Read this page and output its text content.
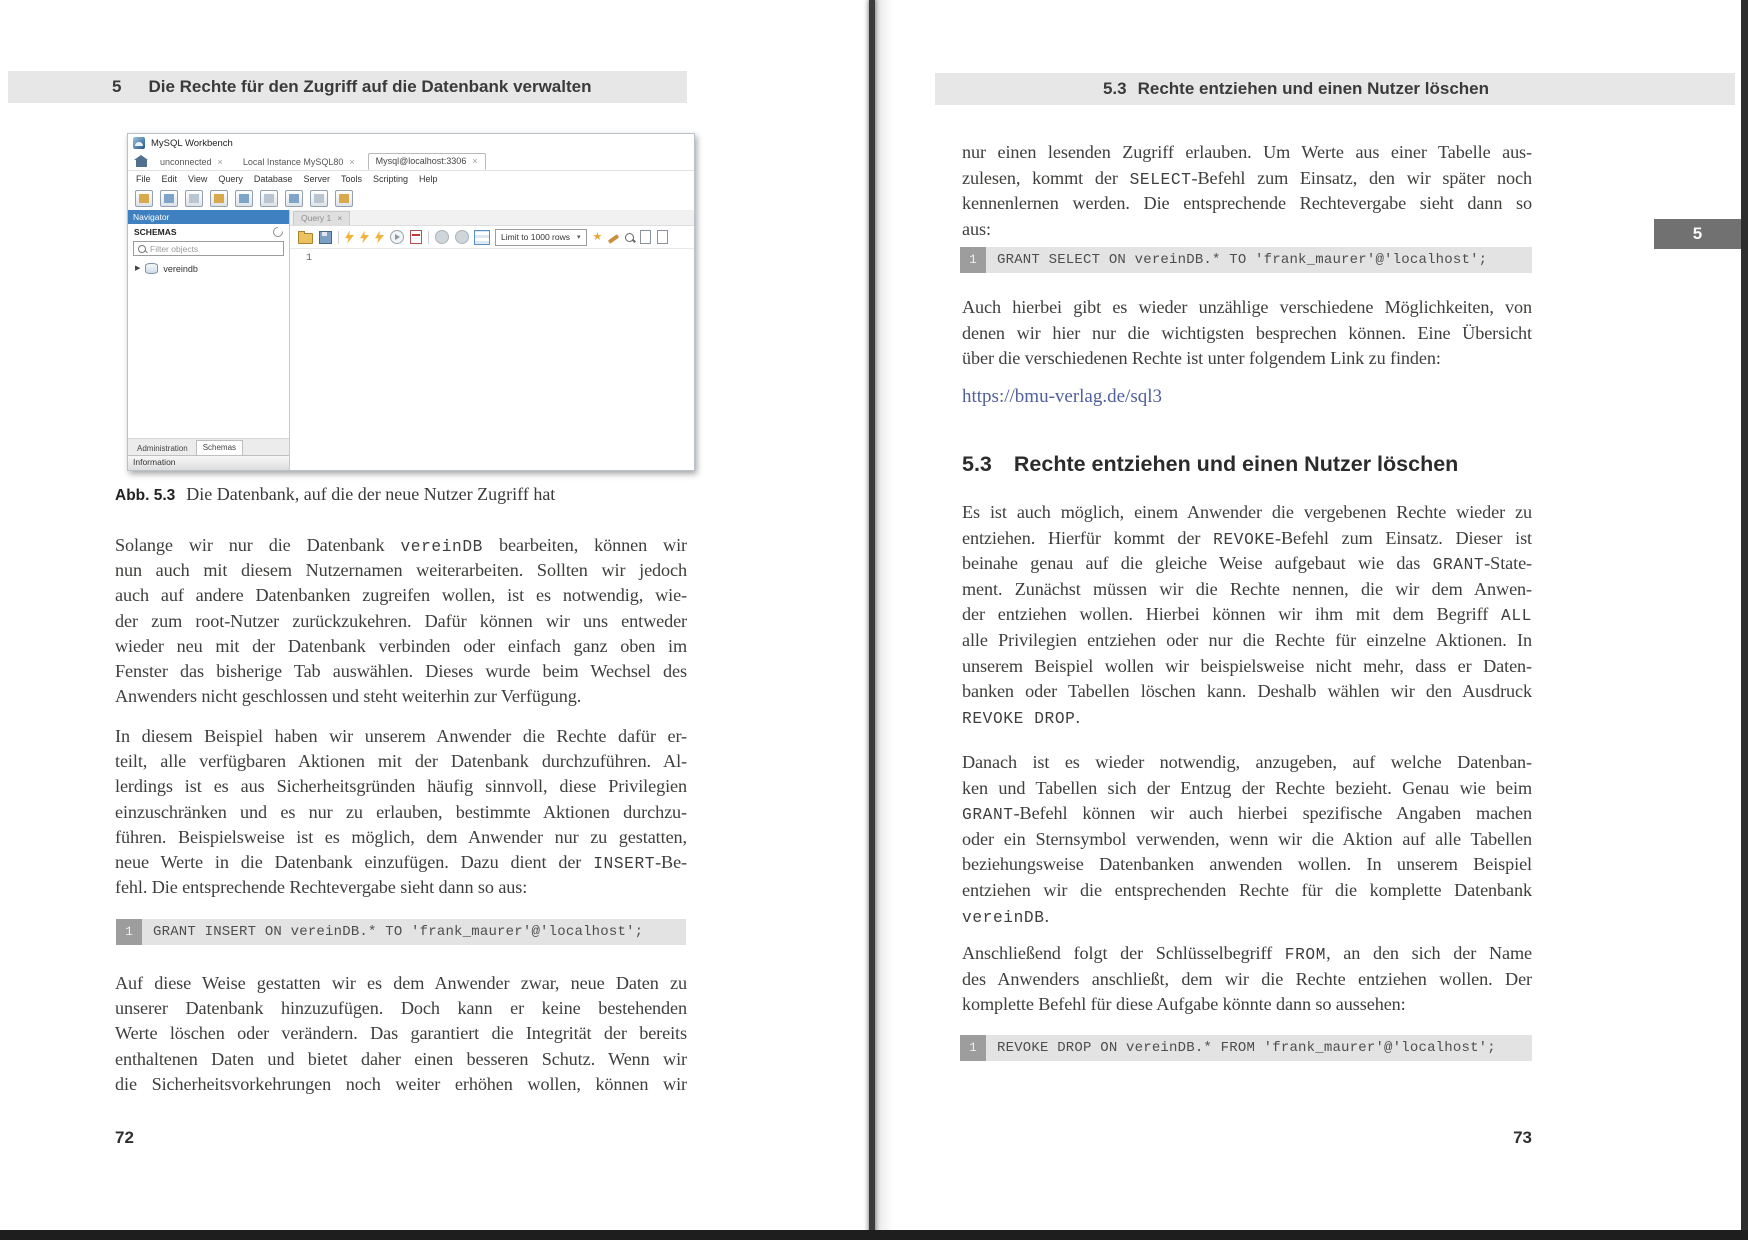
5 Die Rechte für den Zugriff auf die Datenbank verwalten
MySQL Workbench
unconnected × Local Instance MySQL80 × Mysql@localhost:3306 ×
File Edit View Query Database Server Tools Scripting Help
Navigator
SCHEMAS
Filter objects
▶	vereindb
Administration	Schemas
Information
Query 1 ×
Limit to 1000 rows ▾ ★
1
Abb. 5.3 Die Datenbank, auf die der neue Nutzer Zugriff hat
Solange wir nur die Datenbank vereinDB bearbeiten, können wir
nun auch mit diesem Nutzernamen weiterarbeiten. Sollten wir jedoch
auch auf andere Datenbanken zugreifen wollen, ist es notwendig, wie-
der zum root-Nutzer zurückzukehren. Dafür können wir uns entweder
wieder neu mit der Datenbank verbinden oder einfach ganz oben im
Fenster das bisherige Tab auswählen. Dieses wurde beim Wechsel des
Anwenders nicht geschlossen und steht weiterhin zur Verfügung.
In diesem Beispiel haben wir unserem Anwender die Rechte dafür er-
teilt, alle verfügbaren Aktionen mit der Datenbank durchzuführen. Al-
lerdings ist es aus Sicherheitsgründen häufig sinnvoll, diese Privilegien
einzuschränken und es nur zu erlauben, bestimmte Aktionen durchzu-
führen. Beispielsweise ist es möglich, dem Anwender nur zu gestatten,
neue Werte in die Datenbank einzufügen. Dazu dient der INSERT-Be-
fehl. Die entsprechende Rechtevergabe sieht dann so aus:
1	GRANT INSERT ON vereinDB.* TO 'frank_maurer'@'localhost';
Auf diese Weise gestatten wir es dem Anwender zwar, neue Daten zu
unserer Datenbank hinzuzufügen. Doch kann er keine bestehenden
Werte löschen oder verändern. Das garantiert die Integrität der bereits
enthaltenen Daten und bietet daher einen besseren Schutz. Wenn wir
die Sicherheitsvorkehrungen noch weiter erhöhen wollen, können wir
72
5.3 Rechte entziehen und einen Nutzer löschen
5
nur einen lesenden Zugriff erlauben. Um Werte aus einer Tabelle aus-
zulesen, kommt der SELECT-Befehl zum Einsatz, den wir später noch
kennenlernen werden. Die entsprechende Rechtevergabe sieht dann so
aus:
1	GRANT SELECT ON vereinDB.* TO 'frank_maurer'@'localhost';
Auch hierbei gibt es wieder unzählige verschiedene Möglichkeiten, von
denen wir hier nur die wichtigsten besprechen können. Eine Übersicht
über die verschiedenen Rechte ist unter folgendem Link zu finden:
https://bmu-verlag.de/sql3
5.3 Rechte entziehen und einen Nutzer löschen
Es ist auch möglich, einem Anwender die vergebenen Rechte wieder zu
entziehen. Hierfür kommt der REVOKE-Befehl zum Einsatz. Dieser ist
beinahe genau auf die gleiche Weise aufgebaut wie das GRANT-State-
ment. Zunächst müssen wir die Rechte nennen, die wir dem Anwen-
der entziehen wollen. Hierbei können wir ihm mit dem Begriff ALL
alle Privilegien entziehen oder nur die Rechte für einzelne Aktionen. In
unserem Beispiel wollen wir beispielsweise nicht mehr, dass er Daten-
banken oder Tabellen löschen kann. Deshalb wählen wir den Ausdruck
REVOKE DROP.
Danach ist es wieder notwendig, anzugeben, auf welche Datenban-
ken und Tabellen sich der Entzug der Rechte bezieht. Genau wie beim
GRANT-Befehl können wir auch hierbei spezifische Angaben machen
oder ein Sternsymbol verwenden, wenn wir die Aktion auf alle Tabellen
beziehungsweise Datenbanken anwenden wollen. In unserem Beispiel
entziehen wir die entsprechenden Rechte für die komplette Datenbank
vereinDB.
Anschließend folgt der Schlüsselbegriff FROM, an den sich der Name
des Anwenders anschließt, dem wir die Rechte entziehen wollen. Der
komplette Befehl für diese Aufgabe könnte dann so aussehen:
1	REVOKE DROP ON vereinDB.* FROM 'frank_maurer'@'localhost';
73
